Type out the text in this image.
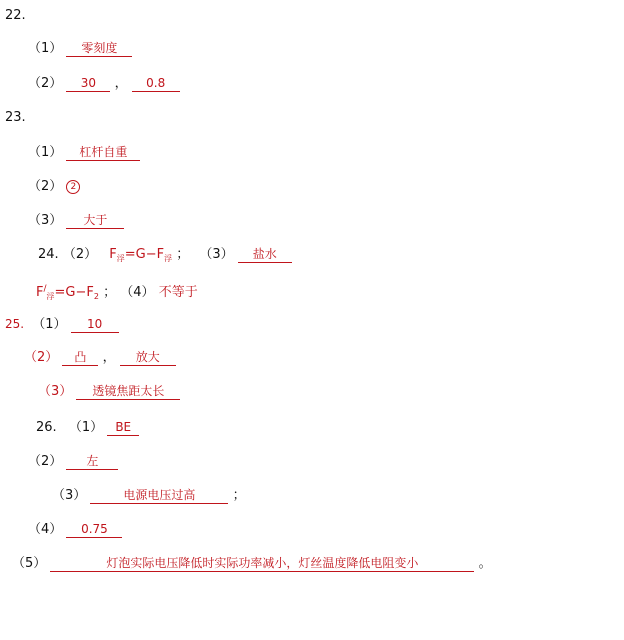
22.
（1） 零刻度
（2） 30 ， 0.8
23.
（1） 杠杆自重
（2） 2
（3） 大于
24. （2） $F_浮=G-F_浮$ ； （3） 盐水
$F^/_浮=G-F_2$ ； （4） 不等于
25. （1） 10
（2） 凸 ， 放大
（3） 透镜焦距太长
26. （1） BE
（2） 左
（3）	电源电压过高	；
（4） 0.75
（5）	灯泡实际电压降低时实际功率减小，灯丝温度降低电阻变小	。
